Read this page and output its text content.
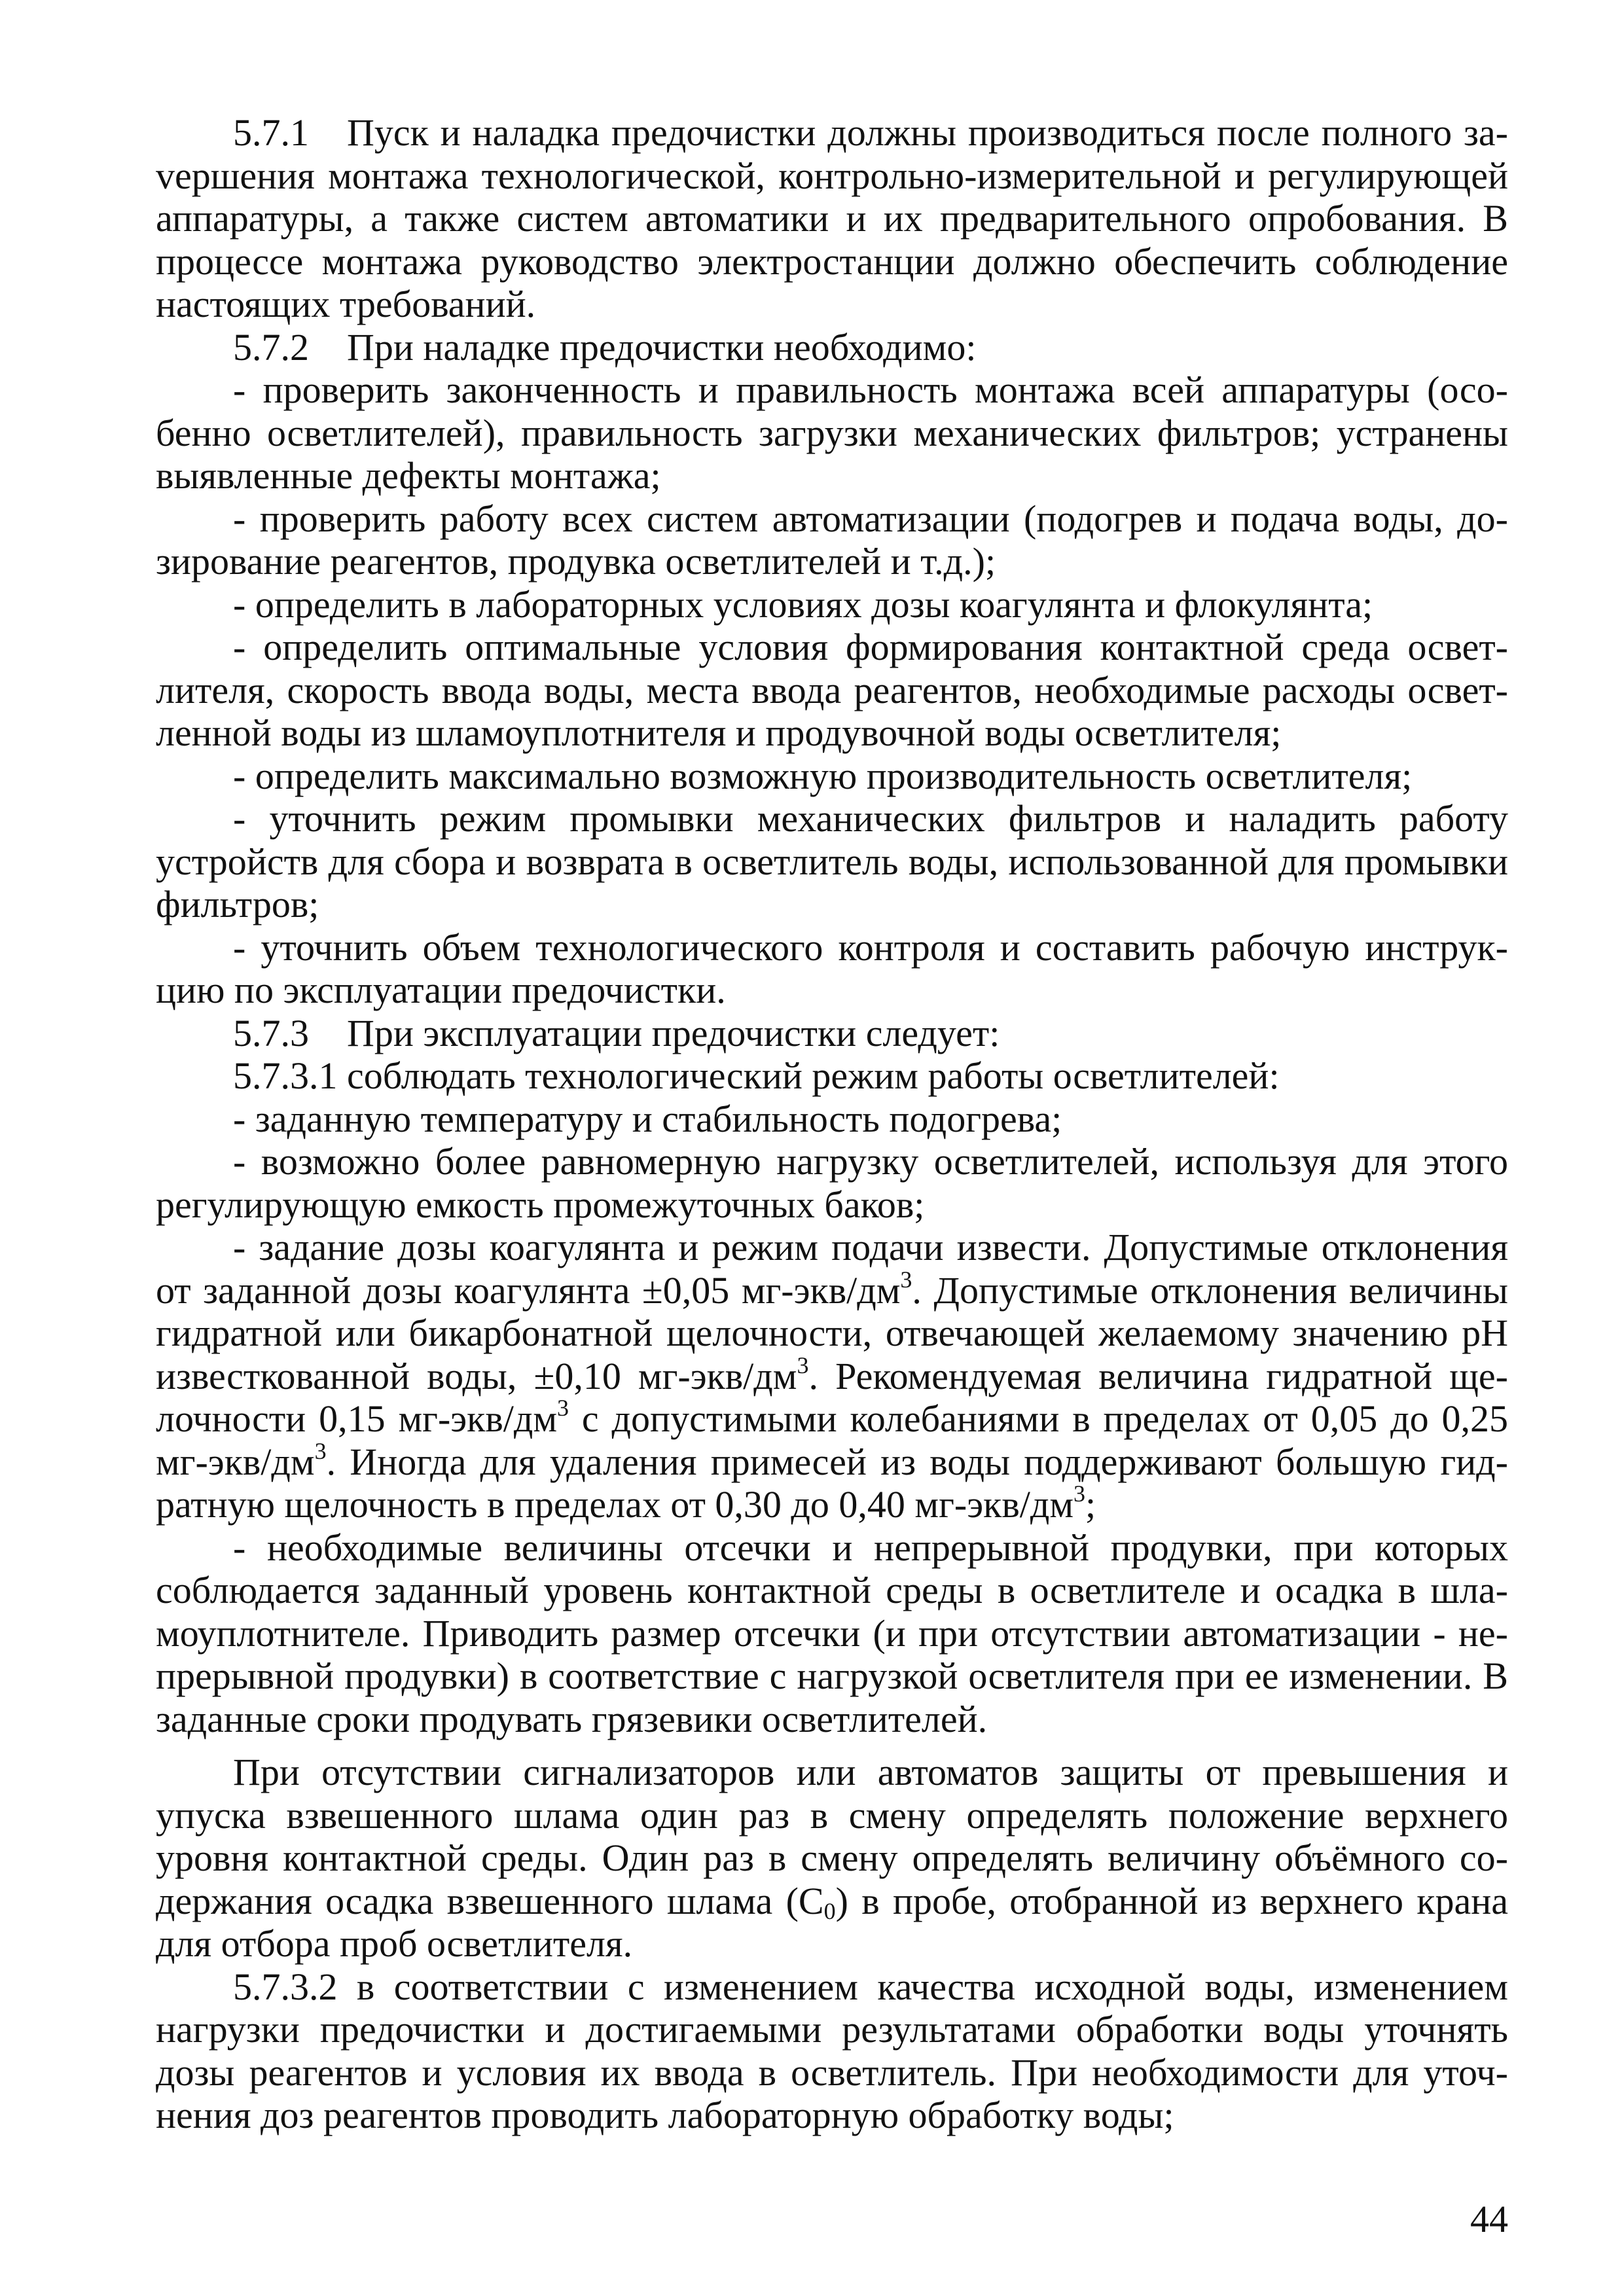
5.7.1 Пуск и наладка предочистки должны производиться после полного заvершения монтажа технологической, контрольно-измерительной и регулирующей аппаратуры, а также систем автоматики и их предварительного опробования. В процессе монтажа руководство электростанции должно обеспечить соблюдение настоящих требований.

5.7.2 При наладке предочистки необходимо:

- проверить законченность и правильность монтажа всей аппаратуры (особенно осветлителей), правильность загрузки механических фильтров; устранены выявленные дефекты монтажа;

- проверить работу всех систем автоматизации (подогрев и подача воды, дозирование реагентов, продувка осветлителей и т.д.);

- определить в лабораторных условиях дозы коагулянта и флокулянта;

- определить оптимальные условия формирования контактной среда осветлителя, скорость ввода воды, места ввода реагентов, необходимые расходы осветленной воды из шламоуплотнителя и продувочной воды осветлителя;

- определить максимально возможную производительность осветлителя;

- уточнить режим промывки механических фильтров и наладить работу устройств для сбора и возврата в осветлитель воды, использованной для промывки фильтров;

- уточнить объем технологического контроля и составить рабочую инструкцию по эксплуатации предочистки.

5.7.3 При эксплуатации предочистки следует:

5.7.3.1 соблюдать технологический режим работы осветлителей:

- заданную температуру и стабильность подогрева;

- возможно более равномерную нагрузку осветлителей, используя для этого регулирующую емкость промежуточных баков;

- задание дозы коагулянта и режим подачи извести. Допустимые отклонения от заданной дозы коагулянта ±0,05 $мг-экв/дм^3$. Допустимые отклонения величины гидратной или бикарбонатной щелочности, отвечающей желаемому значению pH известкованной воды, ±0,10 $мг-экв/дм^3$. Рекомендуемая величина гидратной щелочности 0,15 $мг-экв/дм^3$ с допустимыми колебаниями в пределах от 0,05 до 0,25 $мг-экв/дм^3$. Иногда для удаления примесей из воды поддерживают большую гидратную щелочность в пределах от 0,30 до 0,40 $мг-экв/дм^3$;

- необходимые величины отсечки и непрерывной продувки, при которых соблюдается заданный уровень контактной среды в осветлителе и осадка в шламоуплотнителе. Приводить размер отсечки (и при отсутствии автоматизации - непрерывной продувки) в соответствие с нагрузкой осветлителя при ее изменении. В заданные сроки продувать грязевики осветлителей.

При отсутствии сигнализаторов или автоматов защиты от превышения и упуска взвешенного шлама один раз в смену определять положение верхнего уровня контактной среды. Один раз в смену определять величину объёмного содержания осадка взвешенного шлама $(С_0)$ в пробе, отобранной из верхнего крана для отбора проб осветлителя.

5.7.3.2 в соответствии с изменением качества исходной воды, изменением нагрузки предочистки и достигаемыми результатами обработки воды уточнять дозы реагентов и условия их ввода в осветлитель. При необходимости для уточнения доз реагентов проводить лабораторную обработку воды;

44
